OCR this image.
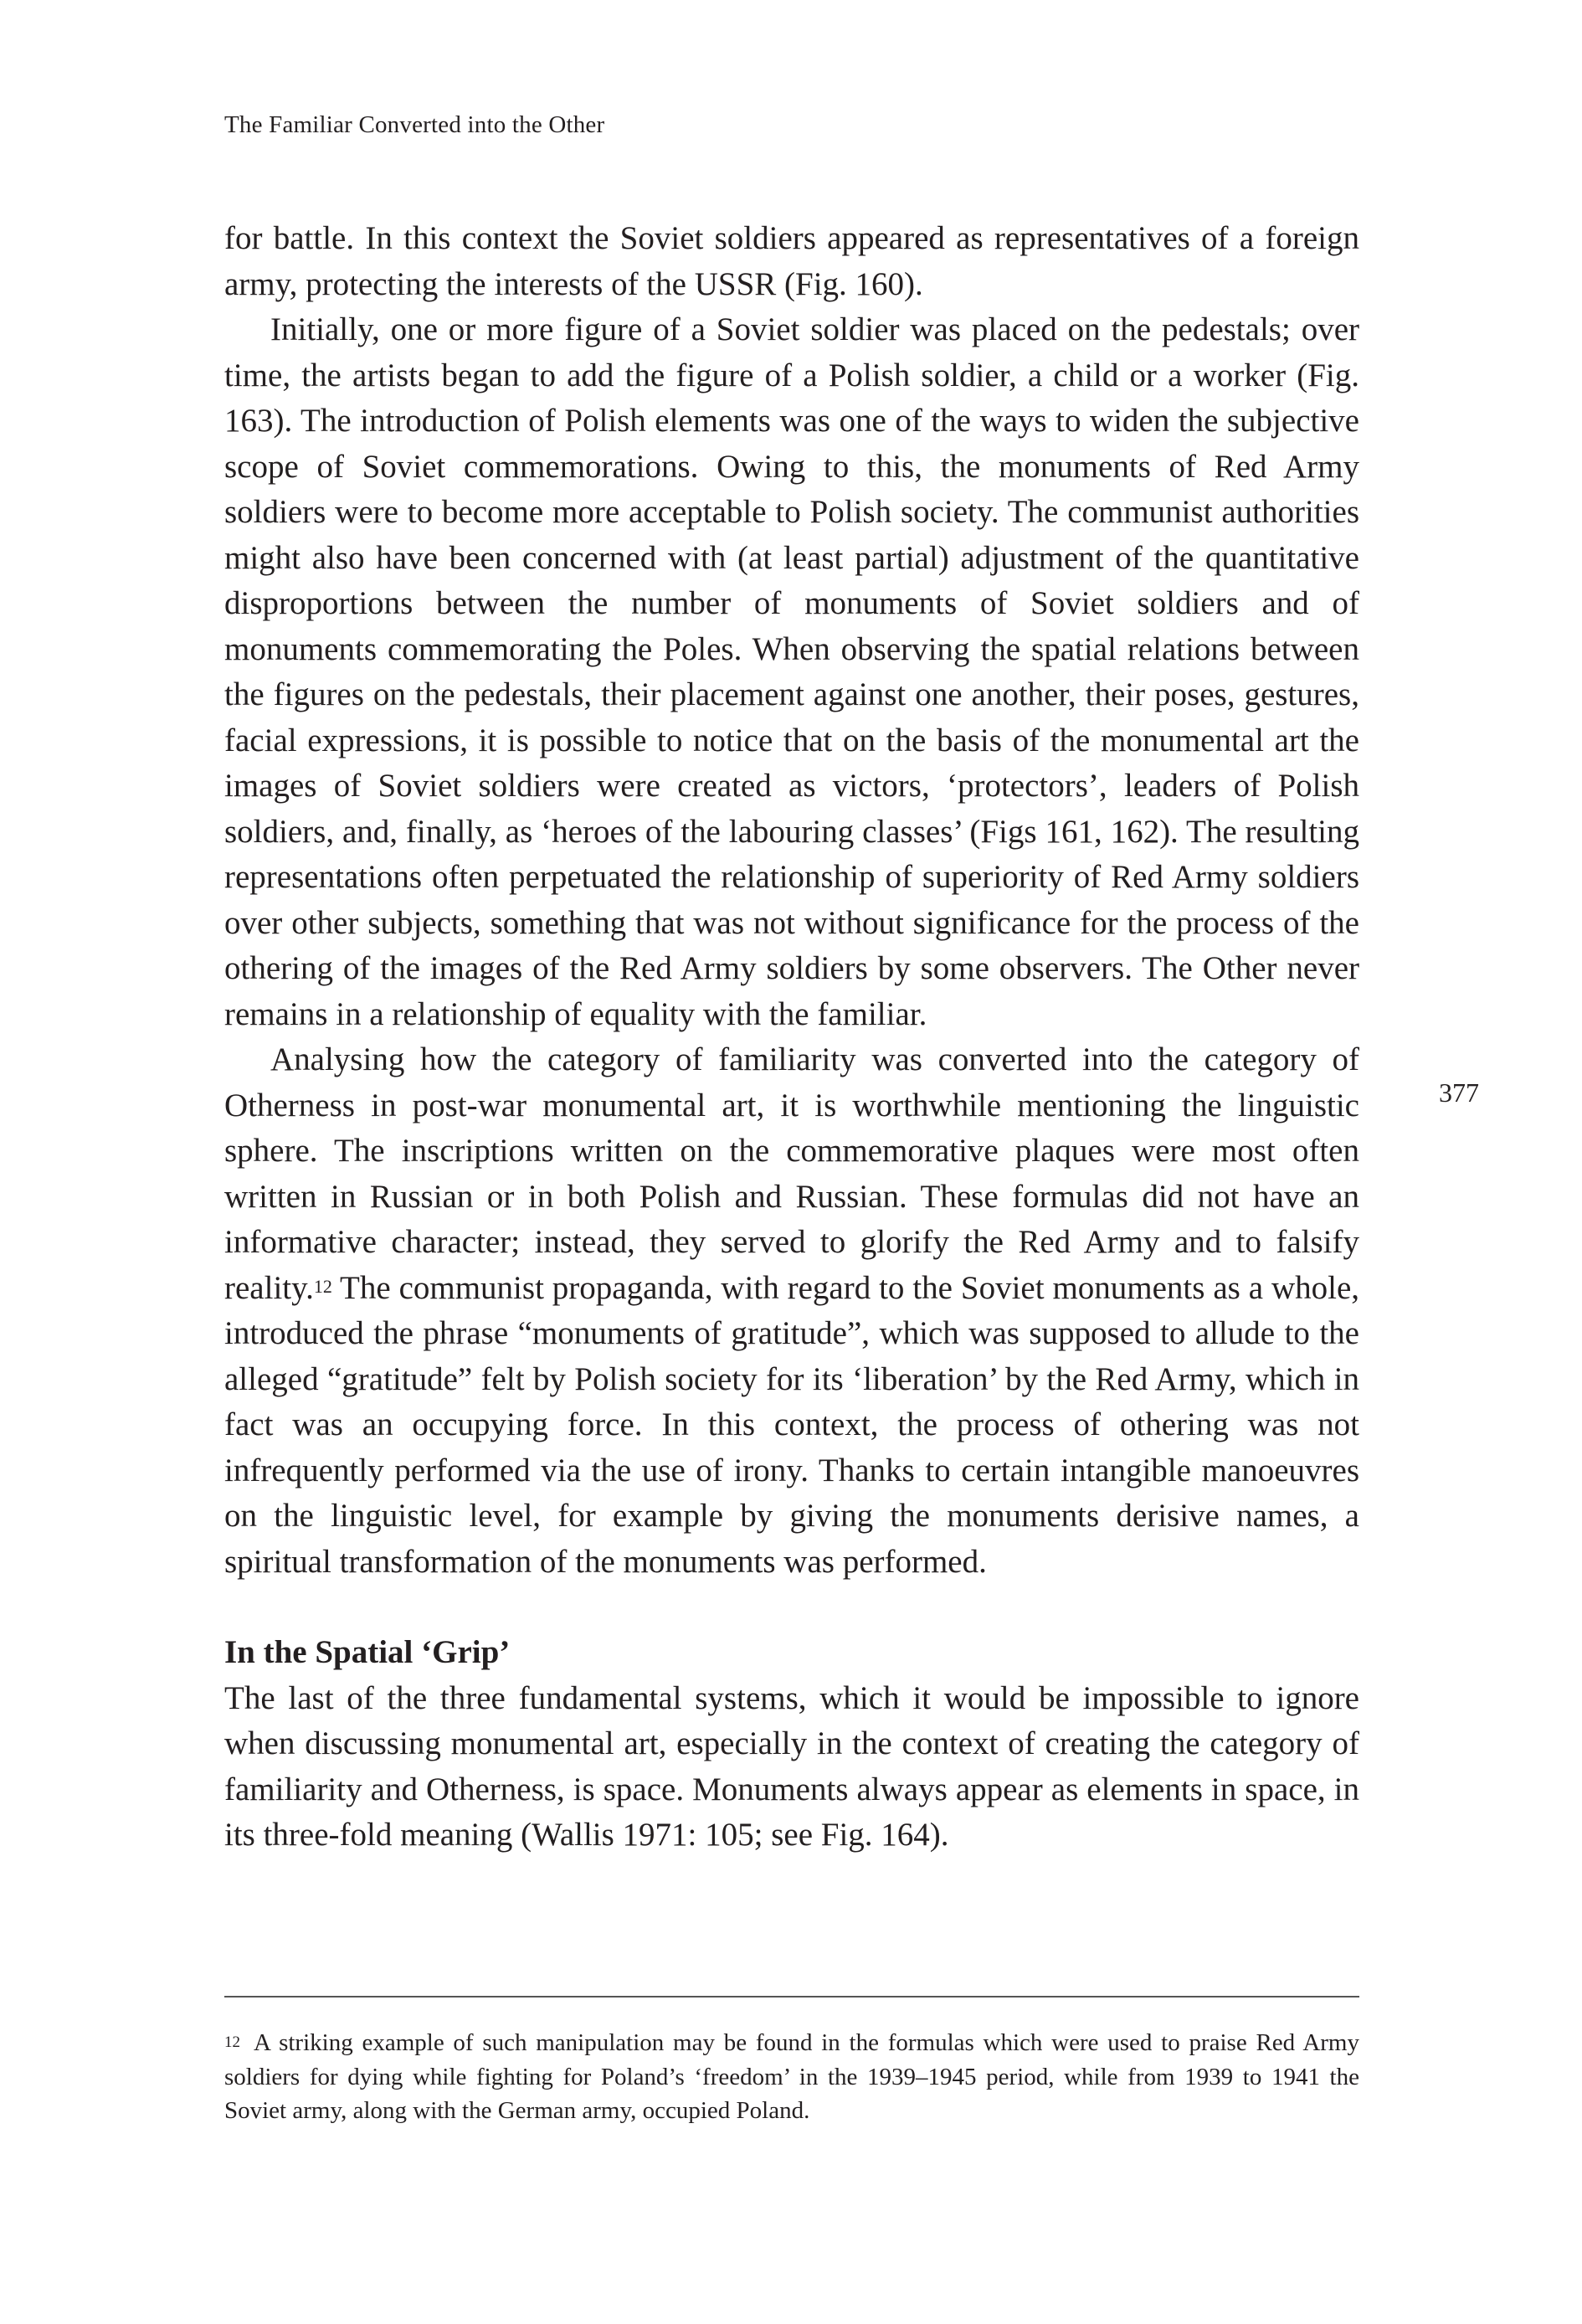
The Familiar Converted into the Other

for battle. In this context the Soviet soldiers appeared as representatives of a foreign army, protecting the interests of the USSR (Fig. 160).

Initially, one or more figure of a Soviet soldier was placed on the pedestals; over time, the artists began to add the figure of a Polish soldier, a child or a worker (Fig. 163). The introduction of Polish elements was one of the ways to widen the subjective scope of Soviet commemorations. Owing to this, the monuments of Red Army soldiers were to become more acceptable to Polish society. The communist authorities might also have been concerned with (at least partial) adjustment of the quantitative disproportions between the number of monuments of Soviet soldiers and of monuments commemorating the Poles. When observing the spatial relations between the figures on the pedestals, their placement against one another, their poses, gestures, facial expressions, it is possible to notice that on the basis of the monumental art the images of Soviet soldiers were created as victors, ‘protectors’, leaders of Polish soldiers, and, finally, as ‘heroes of the labouring classes’ (Figs 161, 162). The resulting representations often perpetuated the relationship of superiority of Red Army soldiers over other subjects, something that was not without significance for the process of the othering of the images of the Red Army soldiers by some observers. The Other never remains in a relationship of equality with the familiar.

Analysing how the category of familiarity was converted into the category of Otherness in post-war monumental art, it is worthwhile mentioning the linguistic sphere. The inscriptions written on the commemorative plaques were most often written in Russian or in both Polish and Russian. These formulas did not have an informative character; instead, they served to glorify the Red Army and to falsify reality.$^{12}$ The communist propaganda, with regard to the Soviet monuments as a whole, introduced the phrase “monuments of gratitude”, which was supposed to allude to the alleged “gratitude” felt by Polish society for its ‘liberation’ by the Red Army, which in fact was an occupying force. In this context, the process of othering was not infrequently performed via the use of irony. Thanks to certain intangible manoeuvres on the linguistic level, for example by giving the monuments derisive names, a spiritual transformation of the monuments was performed.

In the Spatial ‘Grip’

The last of the three fundamental systems, which it would be impossible to ignore when discussing monumental art, especially in the context of creating the category of familiarity and Otherness, is space. Monuments always appear as elements in space, in its three-fold meaning (Wallis 1971: 105; see Fig. 164).

377
$^{12}$ A striking example of such manipulation may be found in the formulas which were used to praise Red Army soldiers for dying while fighting for Poland’s ‘freedom’ in the 1939–1945 period, while from 1939 to 1941 the Soviet army, along with the German army, occupied Poland.
